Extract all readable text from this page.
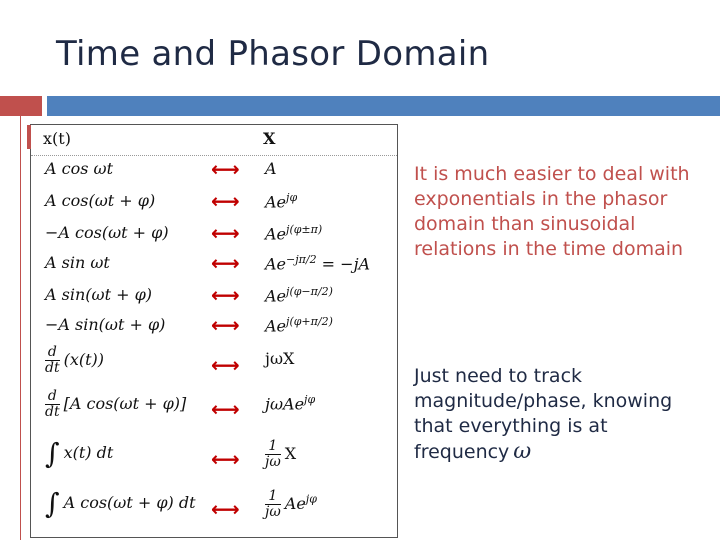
Time and Phasor Domain
x(t)	X
A cos ωt	⟷ A
A cos(ωt + φ)	⟷ $Ae^{j\varphi}$
−A cos(ωt + φ) ⟷ $Ae^{j(\varphi\pm\pi)}$
A sin ωt	⟷ $Ae^{-j\pi/2} = -jA$
A sin(ωt + φ)	⟷ $Ae^{j(\varphi-\pi/2)}$
−A sin(ωt + φ) ⟷ $Ae^{j(\varphi+\pi/2)}$
$\frac{d}{dt} (x(t))$	⟷ jωX
$\frac{d}{dt} [A$ cos(ωt + φ)] ⟷ jωAe$^{j\varphi}$
∫ x(t) dt	⟷ $\frac{1}{j\omega}$ X
∫ A cos(ωt + φ) dt ⟷ $\frac{1}{j\omega} Ae^{j\varphi}$
It is much easier to deal with exponentials in the phasor domain than sinusoidal relations in the time domain
Just need to track magnitude/phase, knowing that everything is at frequency ω
